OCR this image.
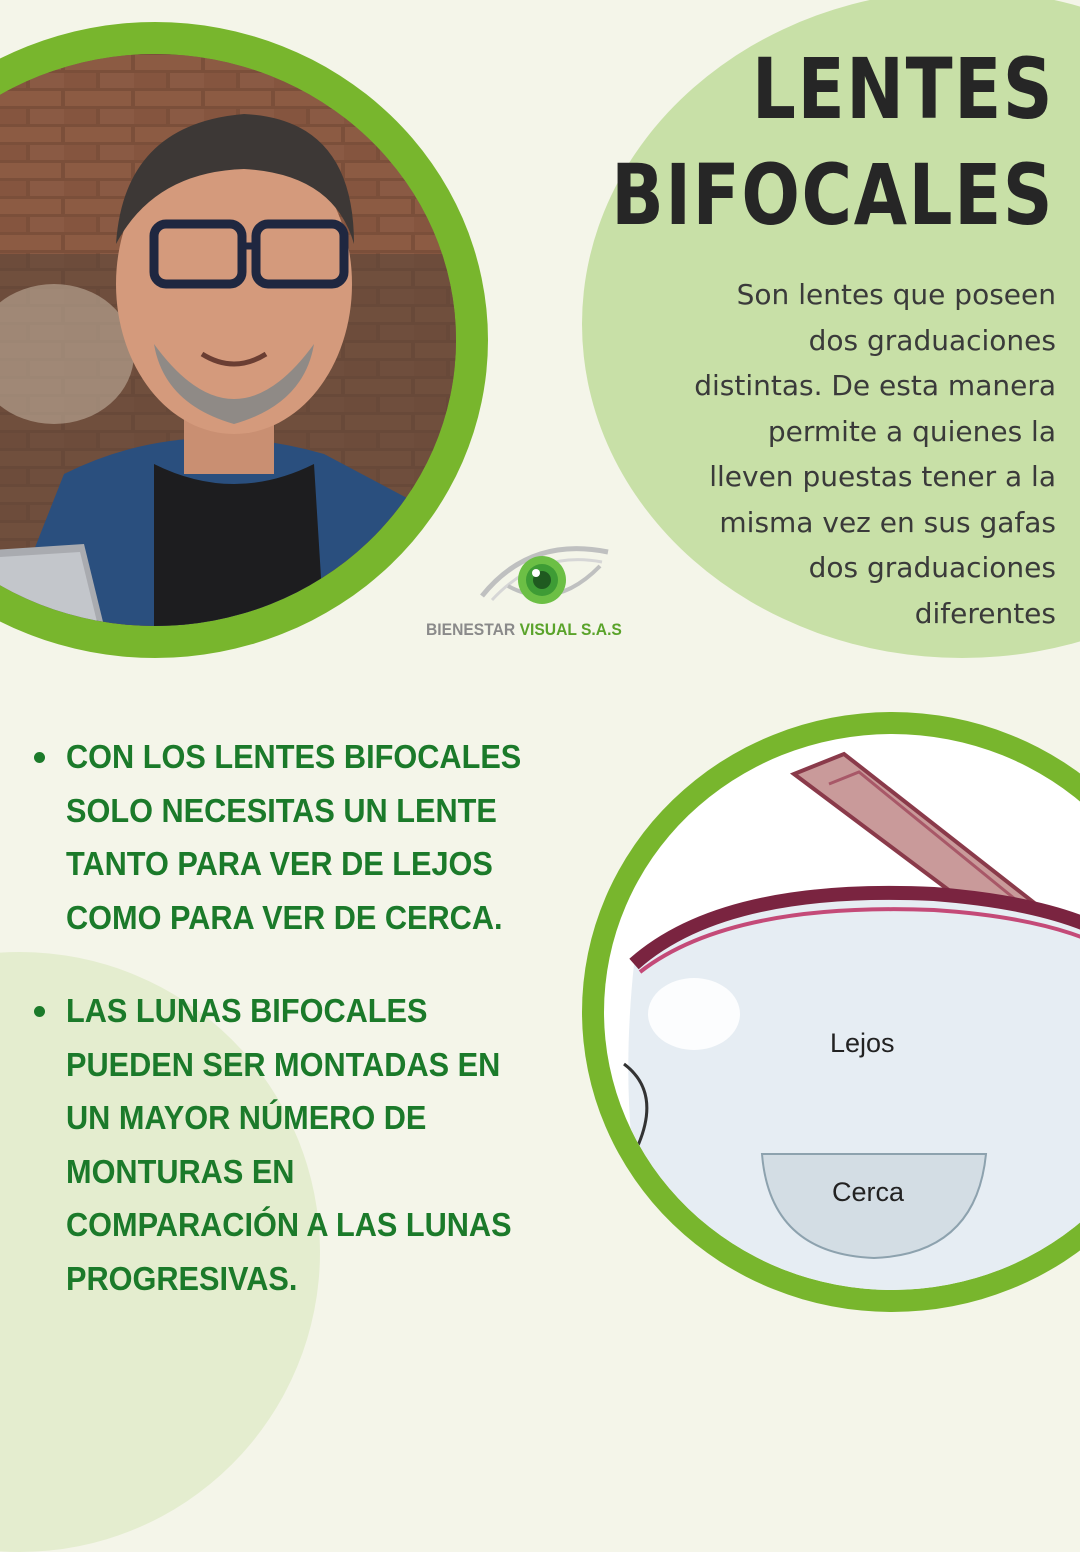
LENTES
BIFOCALES
Son lentes que poseen
dos graduaciones
distintas. De esta manera
permite a quienes la
lleven puestas tener a la
misma vez en sus gafas
dos graduaciones
diferentes
BIENESTAR VISUAL S.A.S
CON LOS LENTES BIFOCALES
SOLO NECESITAS UN LENTE
TANTO PARA VER DE LEJOS
COMO PARA VER DE CERCA.
LAS LUNAS BIFOCALES
PUEDEN SER MONTADAS EN
UN MAYOR NÚMERO DE
MONTURAS EN
COMPARACIÓN A LAS LUNAS
PROGRESIVAS.
Lejos
Cerca
